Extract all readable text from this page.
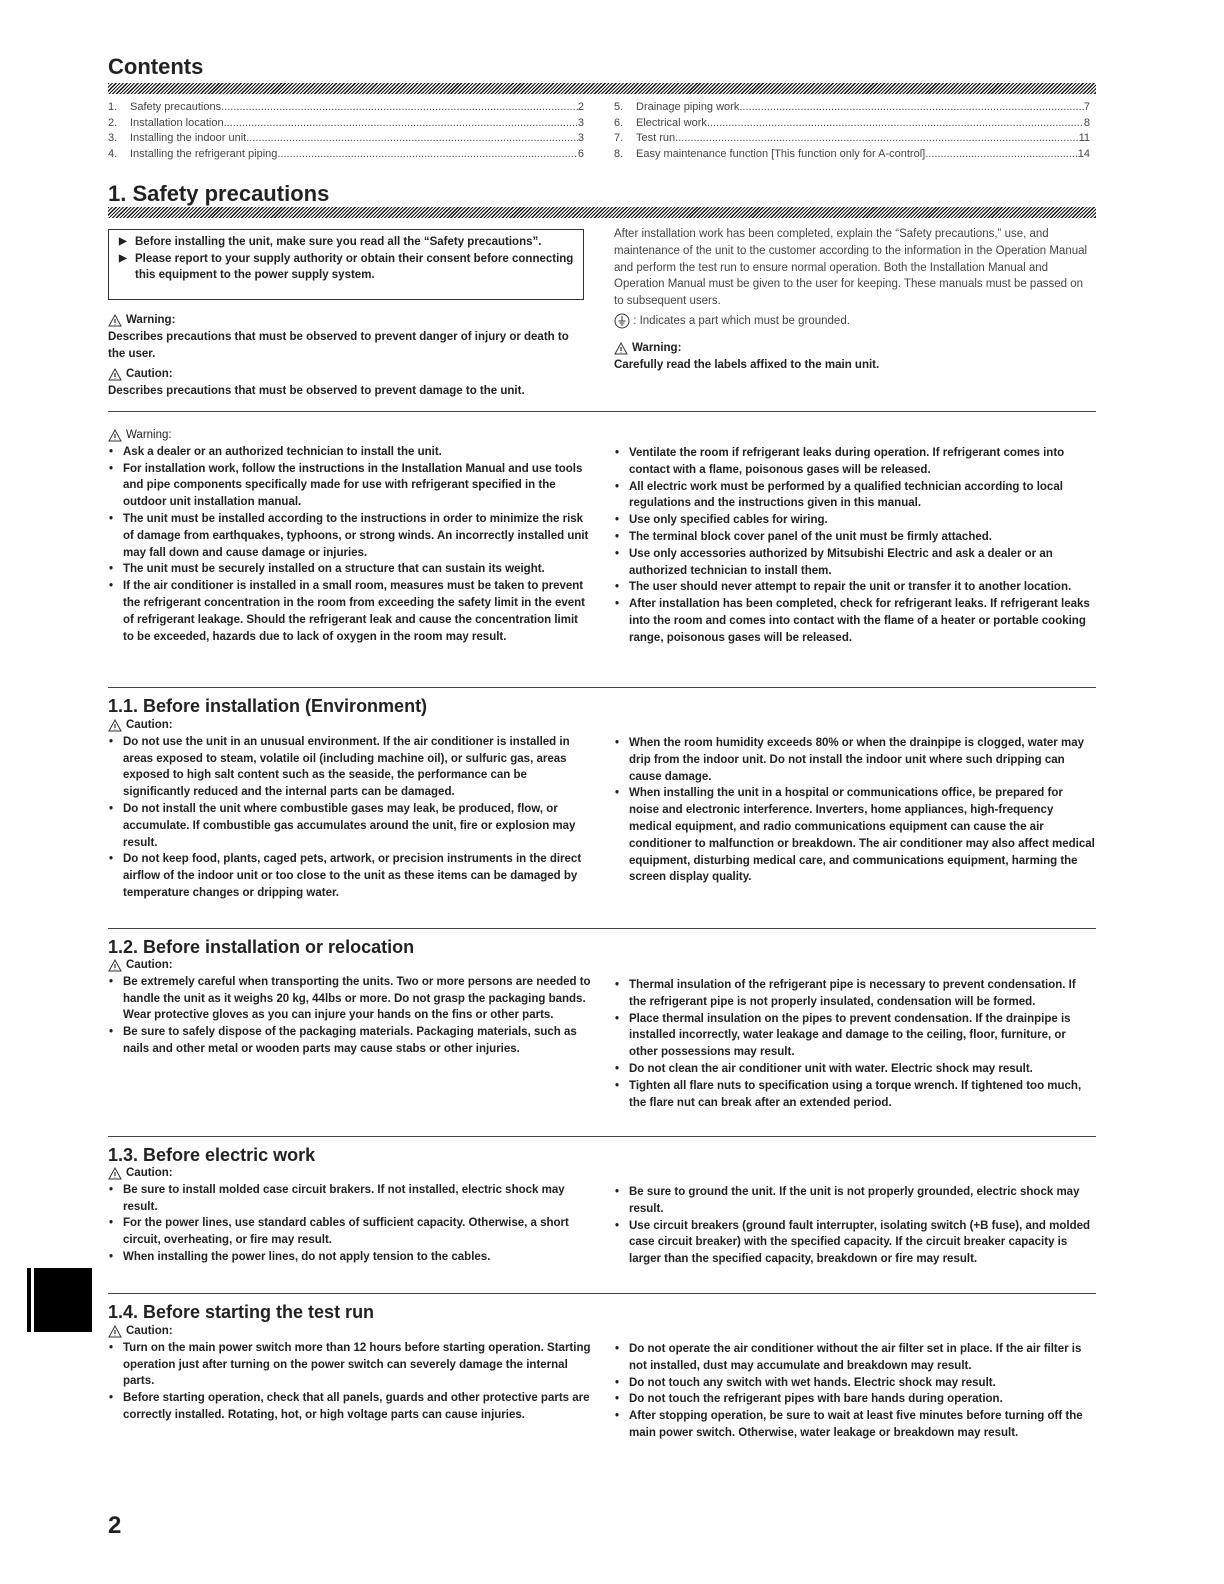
Contents
1.	Safety precautions .....	2
2.	Installation location .....	3
3.	Installing the indoor unit .....	3
4.	Installing the refrigerant piping .....	6
5.	Drainage piping work .....	7
6.	Electrical work .....	8
7.	Test run .....	11
8.	Easy maintenance function [This function only for A-control] .....	14
1. Safety precautions
▶ Before installing the unit, make sure you read all the “Safety precautions”.
▶ Please report to your supply authority or obtain their consent before connecting this equipment to the power supply system.
Warning:
Describes precautions that must be observed to prevent danger of injury or death to the user.
Caution:
Describes precautions that must be observed to prevent damage to the unit.
After installation work has been completed, explain the “Safety precautions,” use, and maintenance of the unit to the customer according to the information in the Operation Manual and perform the test run to ensure normal operation. Both the Installation Manual and Operation Manual must be given to the user for keeping. These manuals must be passed on to subsequent users.
: Indicates a part which must be grounded.
Warning:
Carefully read the labels affixed to the main unit.
Warning:
• Ask a dealer or an authorized technician to install the unit.
• For installation work, follow the instructions in the Installation Manual and use tools and pipe components specifically made for use with refrigerant specified in the outdoor unit installation manual.
• The unit must be installed according to the instructions in order to minimize the risk of damage from earthquakes, typhoons, or strong winds. An incorrectly installed unit may fall down and cause damage or injuries.
• The unit must be securely installed on a structure that can sustain its weight.
• If the air conditioner is installed in a small room, measures must be taken to prevent the refrigerant concentration in the room from exceeding the safety limit in the event of refrigerant leakage. Should the refrigerant leak and cause the concentration limit to be exceeded, hazards due to lack of oxygen in the room may result.
• Ventilate the room if refrigerant leaks during operation. If refrigerant comes into contact with a flame, poisonous gases will be released.
• All electric work must be performed by a qualified technician according to local regulations and the instructions given in this manual.
• Use only specified cables for wiring.
• The terminal block cover panel of the unit must be firmly attached.
• Use only accessories authorized by Mitsubishi Electric and ask a dealer or an authorized technician to install them.
• The user should never attempt to repair the unit or transfer it to another location.
• After installation has been completed, check for refrigerant leaks. If refrigerant leaks into the room and comes into contact with the flame of a heater or portable cooking range, poisonous gases will be released.
1.1. Before installation (Environment)
Caution:
• Do not use the unit in an unusual environment. If the air conditioner is installed in areas exposed to steam, volatile oil (including machine oil), or sulfuric gas, areas exposed to high salt content such as the seaside, the performance can be significantly reduced and the internal parts can be damaged.
• Do not install the unit where combustible gases may leak, be produced, flow, or accumulate. If combustible gas accumulates around the unit, fire or explosion may result.
• Do not keep food, plants, caged pets, artwork, or precision instruments in the direct airflow of the indoor unit or too close to the unit as these items can be damaged by temperature changes or dripping water.
• When the room humidity exceeds 80% or when the drainpipe is clogged, water may drip from the indoor unit. Do not install the indoor unit where such dripping can cause damage.
• When installing the unit in a hospital or communications office, be prepared for noise and electronic interference. Inverters, home appliances, high-frequency medical equipment, and radio communications equipment can cause the air conditioner to malfunction or breakdown. The air conditioner may also affect medical equipment, disturbing medical care, and communications equipment, harming the screen display quality.
1.2. Before installation or relocation
Caution:
• Be extremely careful when transporting the units. Two or more persons are needed to handle the unit as it weighs 20 kg, 44lbs or more. Do not grasp the packaging bands. Wear protective gloves as you can injure your hands on the fins or other parts.
• Be sure to safely dispose of the packaging materials. Packaging materials, such as nails and other metal or wooden parts may cause stabs or other injuries.
• Thermal insulation of the refrigerant pipe is necessary to prevent condensation. If the refrigerant pipe is not properly insulated, condensation will be formed.
• Place thermal insulation on the pipes to prevent condensation. If the drainpipe is installed incorrectly, water leakage and damage to the ceiling, floor, furniture, or other possessions may result.
• Do not clean the air conditioner unit with water. Electric shock may result.
• Tighten all flare nuts to specification using a torque wrench. If tightened too much, the flare nut can break after an extended period.
1.3. Before electric work
Caution:
• Be sure to install molded case circuit brakers. If not installed, electric shock may result.
• For the power lines, use standard cables of sufficient capacity. Otherwise, a short circuit, overheating, or fire may result.
• When installing the power lines, do not apply tension to the cables.
• Be sure to ground the unit. If the unit is not properly grounded, electric shock may result.
• Use circuit breakers (ground fault interrupter, isolating switch (+B fuse), and molded case circuit breaker) with the specified capacity. If the circuit breaker capacity is larger than the specified capacity, breakdown or fire may result.
1.4. Before starting the test run
Caution:
• Turn on the main power switch more than 12 hours before starting operation. Starting operation just after turning on the power switch can severely damage the internal parts.
• Before starting operation, check that all panels, guards and other protective parts are correctly installed. Rotating, hot, or high voltage parts can cause injuries.
• Do not operate the air conditioner without the air filter set in place. If the air filter is not installed, dust may accumulate and breakdown may result.
• Do not touch any switch with wet hands. Electric shock may result.
• Do not touch the refrigerant pipes with bare hands during operation.
• After stopping operation, be sure to wait at least five minutes before turning off the main power switch. Otherwise, water leakage or breakdown may result.
2
